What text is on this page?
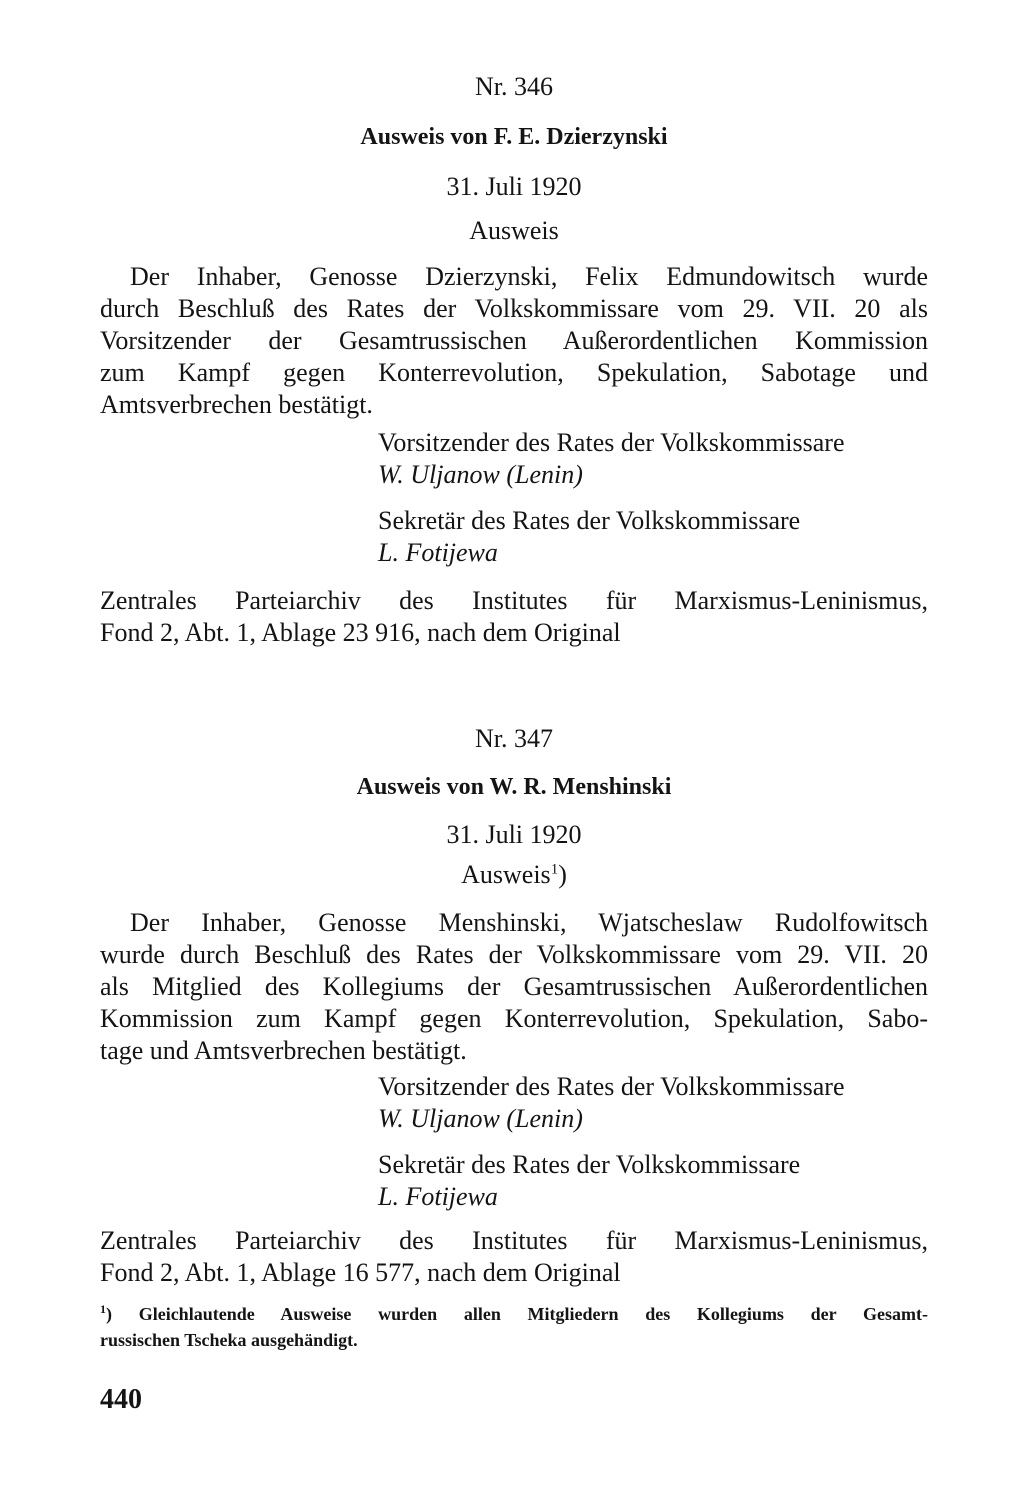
Nr. 346
Ausweis von F. E. Dzierzynski
31. Juli 1920
Ausweis
Der Inhaber, Genosse Dzierzynski, Felix Edmundowitsch wurde
durch Beschluß des Rates der Volkskommissare vom 29. VII. 20 als
Vorsitzender der Gesamtrussischen Außerordentlichen Kommission
zum Kampf gegen Konterrevolution, Spekulation, Sabotage und
Amtsverbrechen bestätigt.
Vorsitzender des Rates der Volkskommissare
W. Uljanow (Lenin)
Sekretär des Rates der Volkskommissare
L. Fotijewa
Zentrales Parteiarchiv des Institutes für Marxismus-Leninismus,
Fond 2, Abt. 1, Ablage 23 916, nach dem Original
Nr. 347
Ausweis von W. R. Menshinski
31. Juli 1920
Ausweis$^1$)
Der Inhaber, Genosse Menshinski, Wjatscheslaw Rudolfowitsch
wurde durch Beschluß des Rates der Volkskommissare vom 29. VII. 20
als Mitglied des Kollegiums der Gesamtrussischen Außerordentlichen
Kommission zum Kampf gegen Konterrevolution, Spekulation, Sabo-
tage und Amtsverbrechen bestätigt.
Vorsitzender des Rates der Volkskommissare
W. Uljanow (Lenin)
Sekretär des Rates der Volkskommissare
L. Fotijewa
Zentrales Parteiarchiv des Institutes für Marxismus-Leninismus,
Fond 2, Abt. 1, Ablage 16 577, nach dem Original
$^1$) Gleichlautende Ausweise wurden allen Mitgliedern des Kollegiums der Gesamt-
russischen Tscheka ausgehändigt.
440
